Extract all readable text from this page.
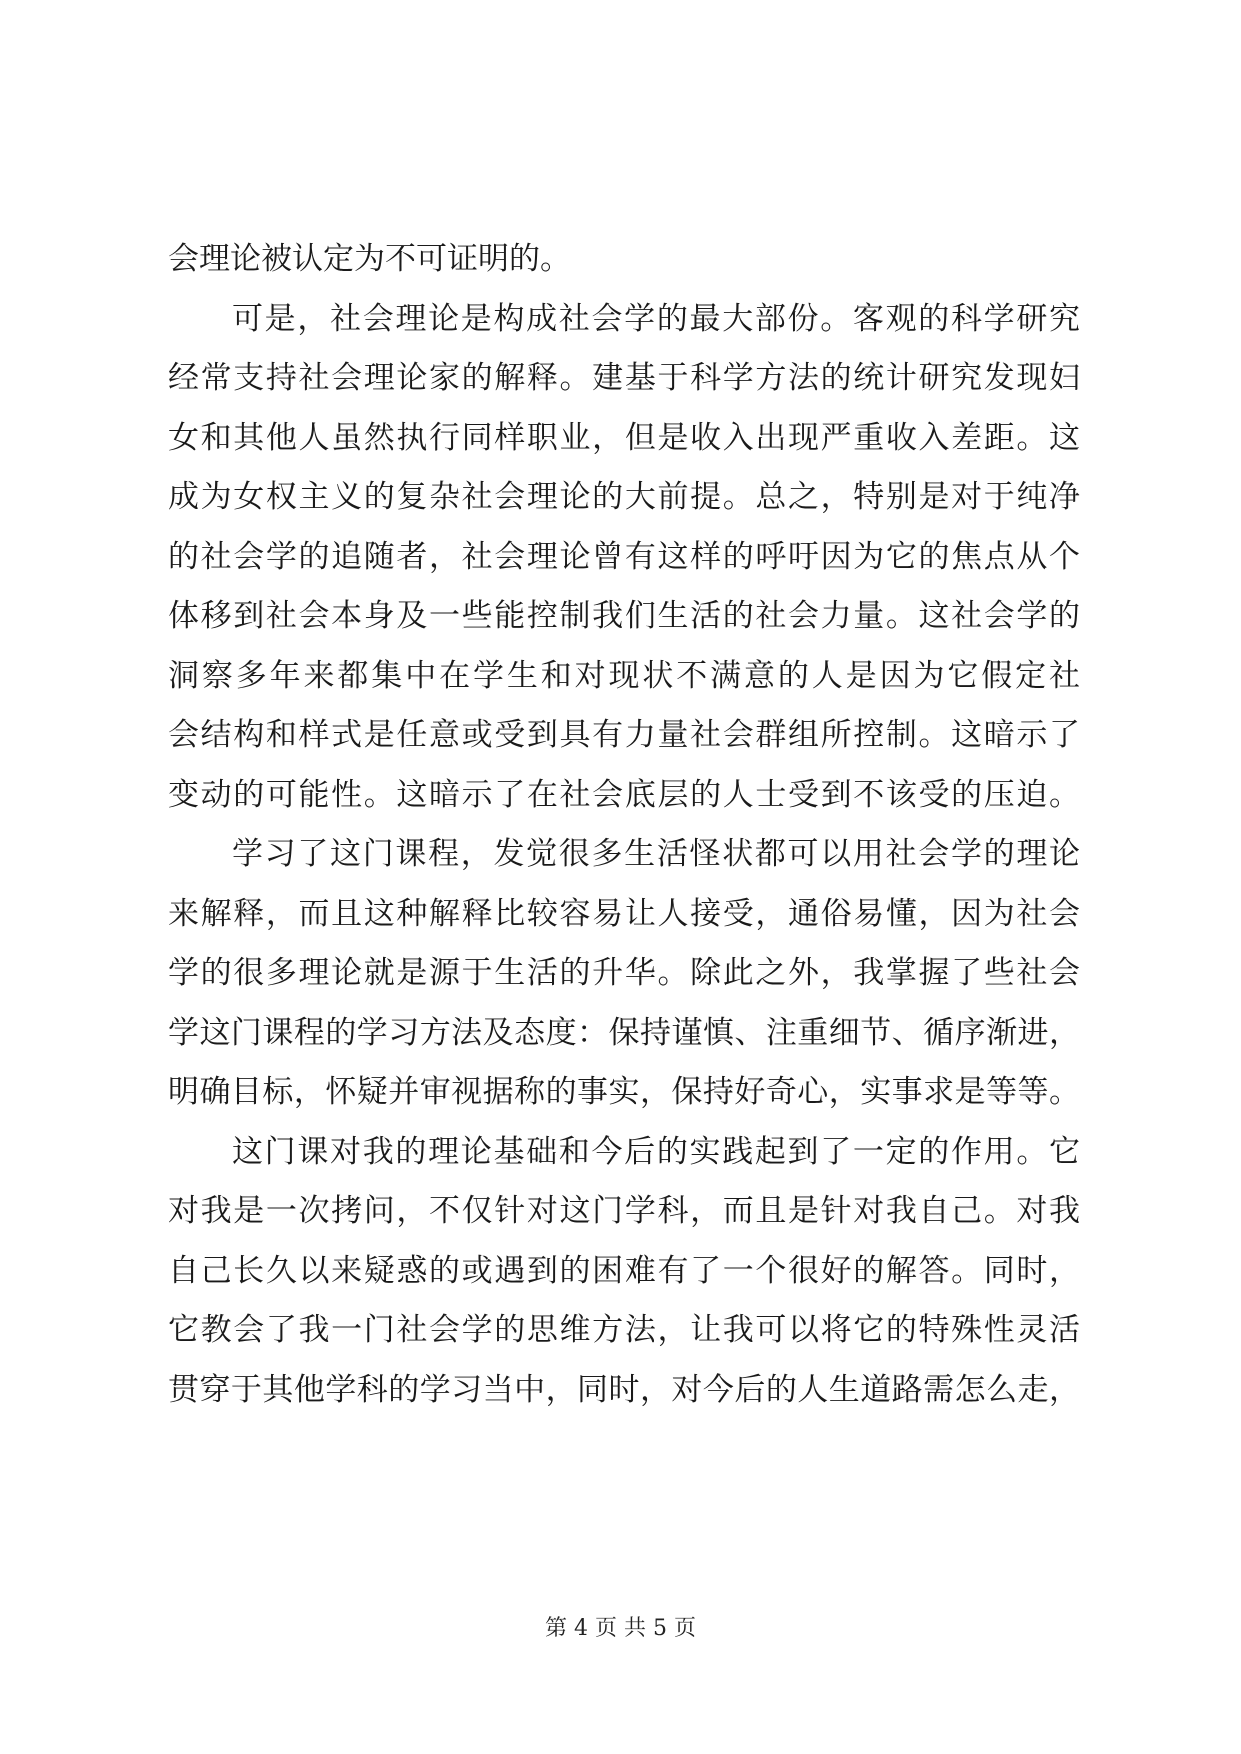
会理论被认定为不可证明的。
可是，社会理论是构成社会学的最大部份。客观的科学研究
经常支持社会理论家的解释。建基于科学方法的统计研究发现妇
女和其他人虽然执行同样职业，但是收入出现严重收入差距。这
成为女权主义的复杂社会理论的大前提。总之，特别是对于纯净
的社会学的追随者，社会理论曾有这样的呼吁因为它的焦点从个
体移到社会本身及一些能控制我们生活的社会力量。这社会学的
洞察多年来都集中在学生和对现状不满意的人是因为它假定社
会结构和样式是任意或受到具有力量社会群组所控制。这暗示了
变动的可能性。这暗示了在社会底层的人士受到不该受的压迫。
学习了这门课程，发觉很多生活怪状都可以用社会学的理论
来解释，而且这种解释比较容易让人接受，通俗易懂，因为社会
学的很多理论就是源于生活的升华。除此之外，我掌握了些社会
学这门课程的学习方法及态度：保持谨慎、注重细节、循序渐进，
明确目标，怀疑并审视据称的事实，保持好奇心，实事求是等等。
这门课对我的理论基础和今后的实践起到了一定的作用。它
对我是一次拷问，不仅针对这门学科，而且是针对我自己。对我
自己长久以来疑惑的或遇到的困难有了一个很好的解答。同时，
它教会了我一门社会学的思维方法，让我可以将它的特殊性灵活
贯穿于其他学科的学习当中，同时，对今后的人生道路需怎么走，
第 4 页 共 5 页
